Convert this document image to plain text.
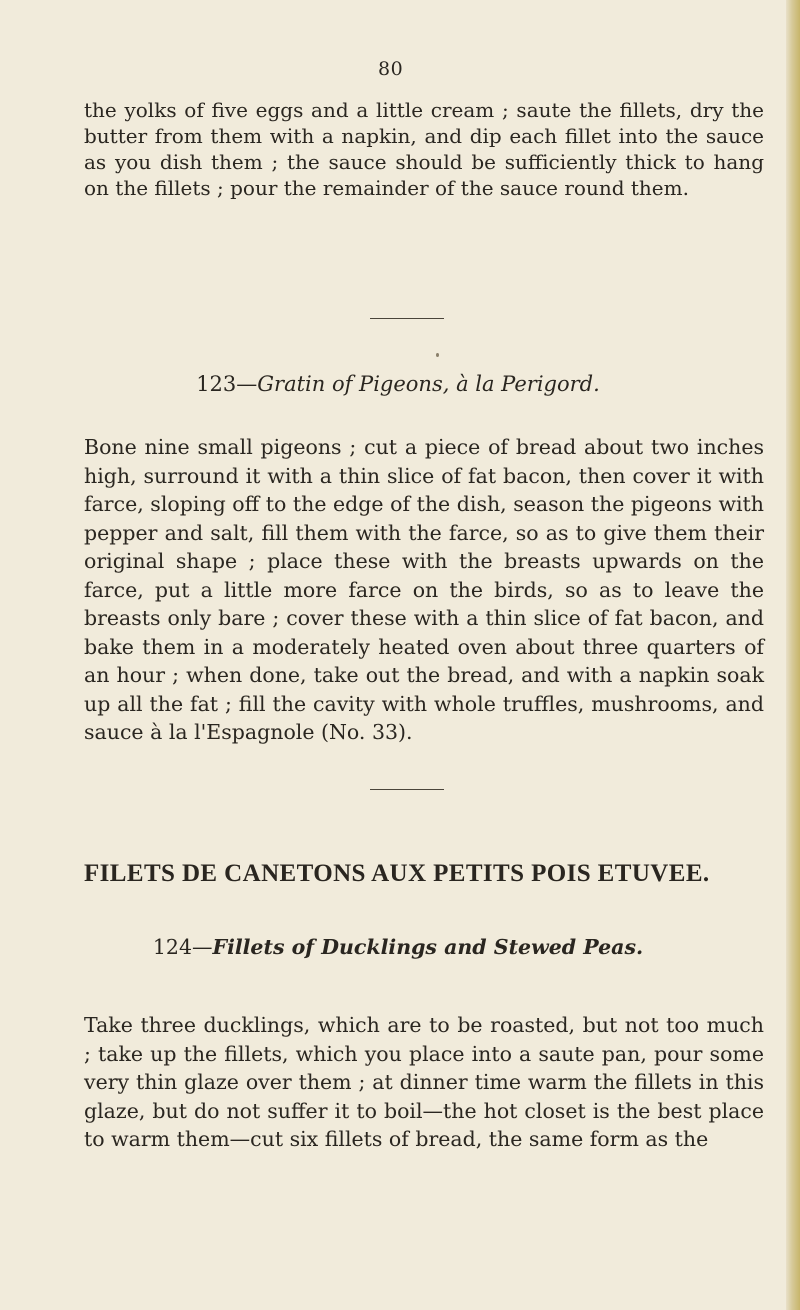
80

the yolks of five eggs and a little cream ; saute the fillets, dry the butter from them with a napkin, and dip each fillet into the sauce as you dish them ; the sauce should be sufficiently thick to hang on the fillets ; pour the remainder of the sauce round them.

123—Gratin of Pigeons, à la Perigord.

Bone nine small pigeons ; cut a piece of bread about two inches high, surround it with a thin slice of fat bacon, then cover it with farce, sloping off to the edge of the dish, season the pigeons with pepper and salt, fill them with the farce, so as to give them their original shape ; place these with the breasts upwards on the farce, put a little more farce on the birds, so as to leave the breasts only bare ; cover these with a thin slice of fat bacon, and bake them in a moderately heated oven about three quarters of an hour ; when done, take out the bread, and with a napkin soak up all the fat ; fill the cavity with whole truffles, mushrooms, and sauce à la l'Espagnole (No. 33).

FILETS DE CANETONS AUX PETITS POIS ETUVEE.
124—Fillets of Ducklings and Stewed Peas.

Take three ducklings, which are to be roasted, but not too much ; take up the fillets, which you place into a saute pan, pour some very thin glaze over them ; at dinner time warm the fillets in this glaze, but do not suffer it to boil—the hot closet is the best place to warm them—cut six fillets of bread, the same form as the
